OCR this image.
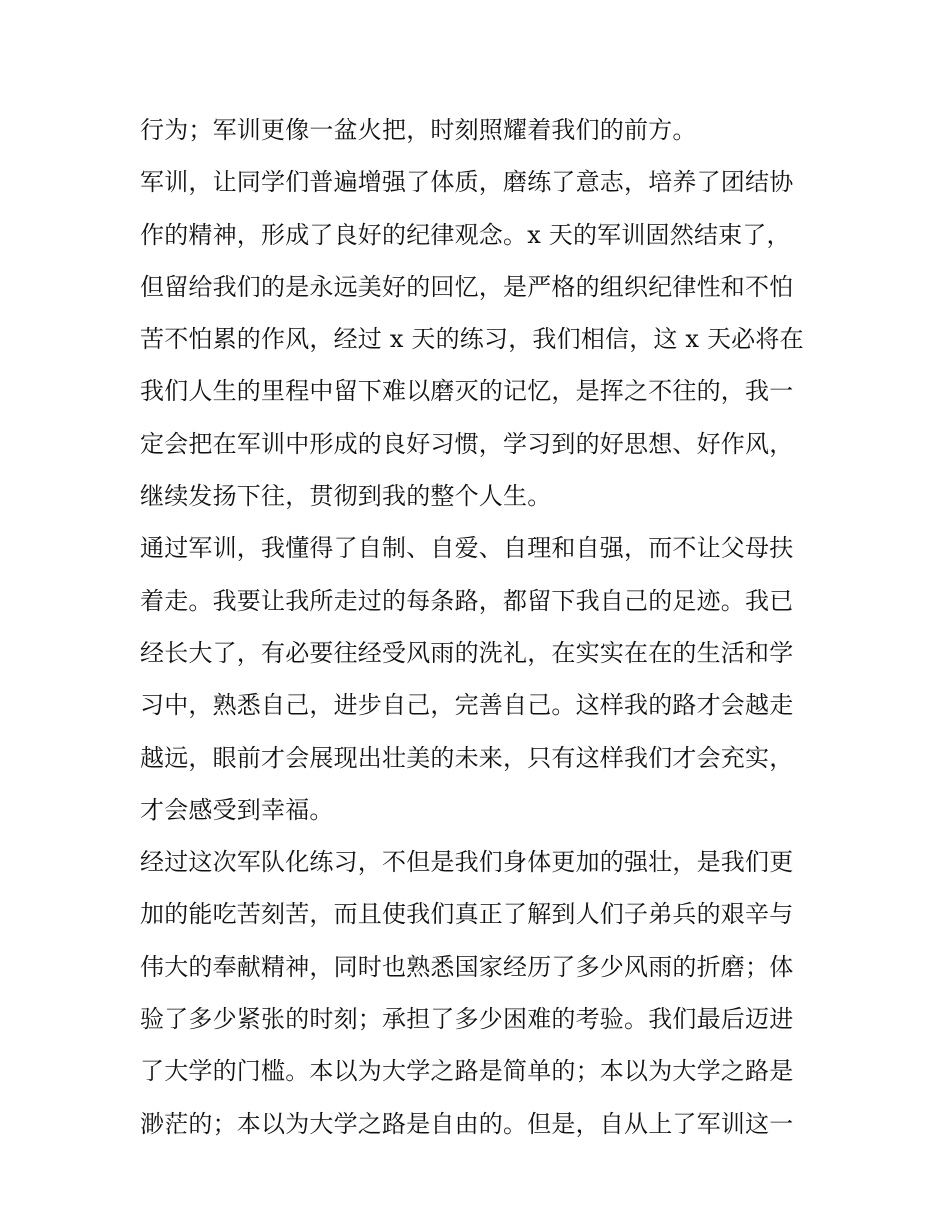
行为；军训更像一盆火把，时刻照耀着我们的前方。
军训，让同学们普遍增强了体质，磨练了意志，培养了团结协
作的精神，形成了良好的纪律观念。x 天的军训固然结束了，
但留给我们的是永远美好的回忆，是严格的组织纪律性和不怕
苦不怕累的作风，经过 x 天的练习，我们相信，这 x 天必将在
我们人生的里程中留下难以磨灭的记忆，是挥之不往的，我一
定会把在军训中形成的良好习惯，学习到的好思想、好作风，
继续发扬下往，贯彻到我的整个人生。
通过军训，我懂得了自制、自爱、自理和自强，而不让父母扶
着走。我要让我所走过的每条路，都留下我自己的足迹。我已
经长大了，有必要往经受风雨的洗礼，在实实在在的生活和学
习中，熟悉自己，进步自己，完善自己。这样我的路才会越走
越远，眼前才会展现出壮美的未来，只有这样我们才会充实，
才会感受到幸福。
经过这次军队化练习，不但是我们身体更加的强壮，是我们更
加的能吃苦刻苦，而且使我们真正了解到人们子弟兵的艰辛与
伟大的奉献精神，同时也熟悉国家经历了多少风雨的折磨；体
验了多少紧张的时刻；承担了多少困难的考验。我们最后迈进
了大学的门槛。本以为大学之路是简单的；本以为大学之路是
渺茫的；本以为大学之路是自由的。但是，自从上了军训这一
